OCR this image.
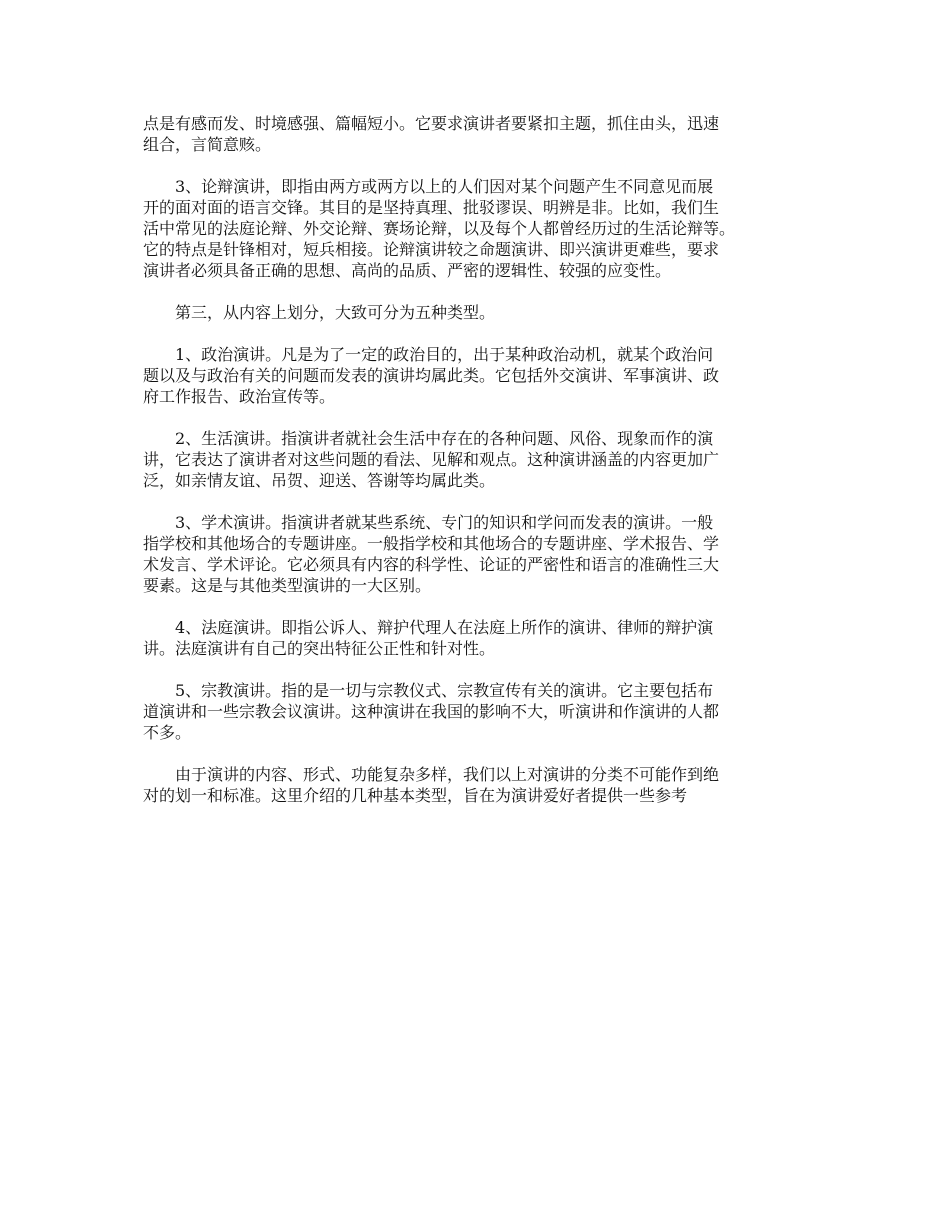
点是有感而发、时境感强、篇幅短小。它要求演讲者要紧扣主题，抓住由头，迅速
组合，言简意赅。

3、论辩演讲，即指由两方或两方以上的人们因对某个问题产生不同意见而展
开的面对面的语言交锋。其目的是坚持真理、批驳谬误、明辨是非。比如，我们生
活中常见的法庭论辩、外交论辩、赛场论辩，以及每个人都曾经历过的生活论辩等。
它的特点是针锋相对，短兵相接。论辩演讲较之命题演讲、即兴演讲更难些，要求
演讲者必须具备正确的思想、高尚的品质、严密的逻辑性、较强的应变性。

第三，从内容上划分，大致可分为五种类型。

1、政治演讲。凡是为了一定的政治目的，出于某种政治动机，就某个政治问
题以及与政治有关的问题而发表的演讲均属此类。它包括外交演讲、军事演讲、政
府工作报告、政治宣传等。

2、生活演讲。指演讲者就社会生活中存在的各种问题、风俗、现象而作的演
讲，它表达了演讲者对这些问题的看法、见解和观点。这种演讲涵盖的内容更加广
泛，如亲情友谊、吊贺、迎送、答谢等均属此类。

3、学术演讲。指演讲者就某些系统、专门的知识和学问而发表的演讲。一般
指学校和其他场合的专题讲座。一般指学校和其他场合的专题讲座、学术报告、学
术发言、学术评论。它必须具有内容的科学性、论证的严密性和语言的准确性三大
要素。这是与其他类型演讲的一大区别。

4、法庭演讲。即指公诉人、辩护代理人在法庭上所作的演讲、律师的辩护演
讲。法庭演讲有自己的突出特征公正性和针对性。

5、宗教演讲。指的是一切与宗教仪式、宗教宣传有关的演讲。它主要包括布
道演讲和一些宗教会议演讲。这种演讲在我国的影响不大，听演讲和作演讲的人都
不多。

由于演讲的内容、形式、功能复杂多样，我们以上对演讲的分类不可能作到绝
对的划一和标准。这里介绍的几种基本类型，旨在为演讲爱好者提供一些参考
